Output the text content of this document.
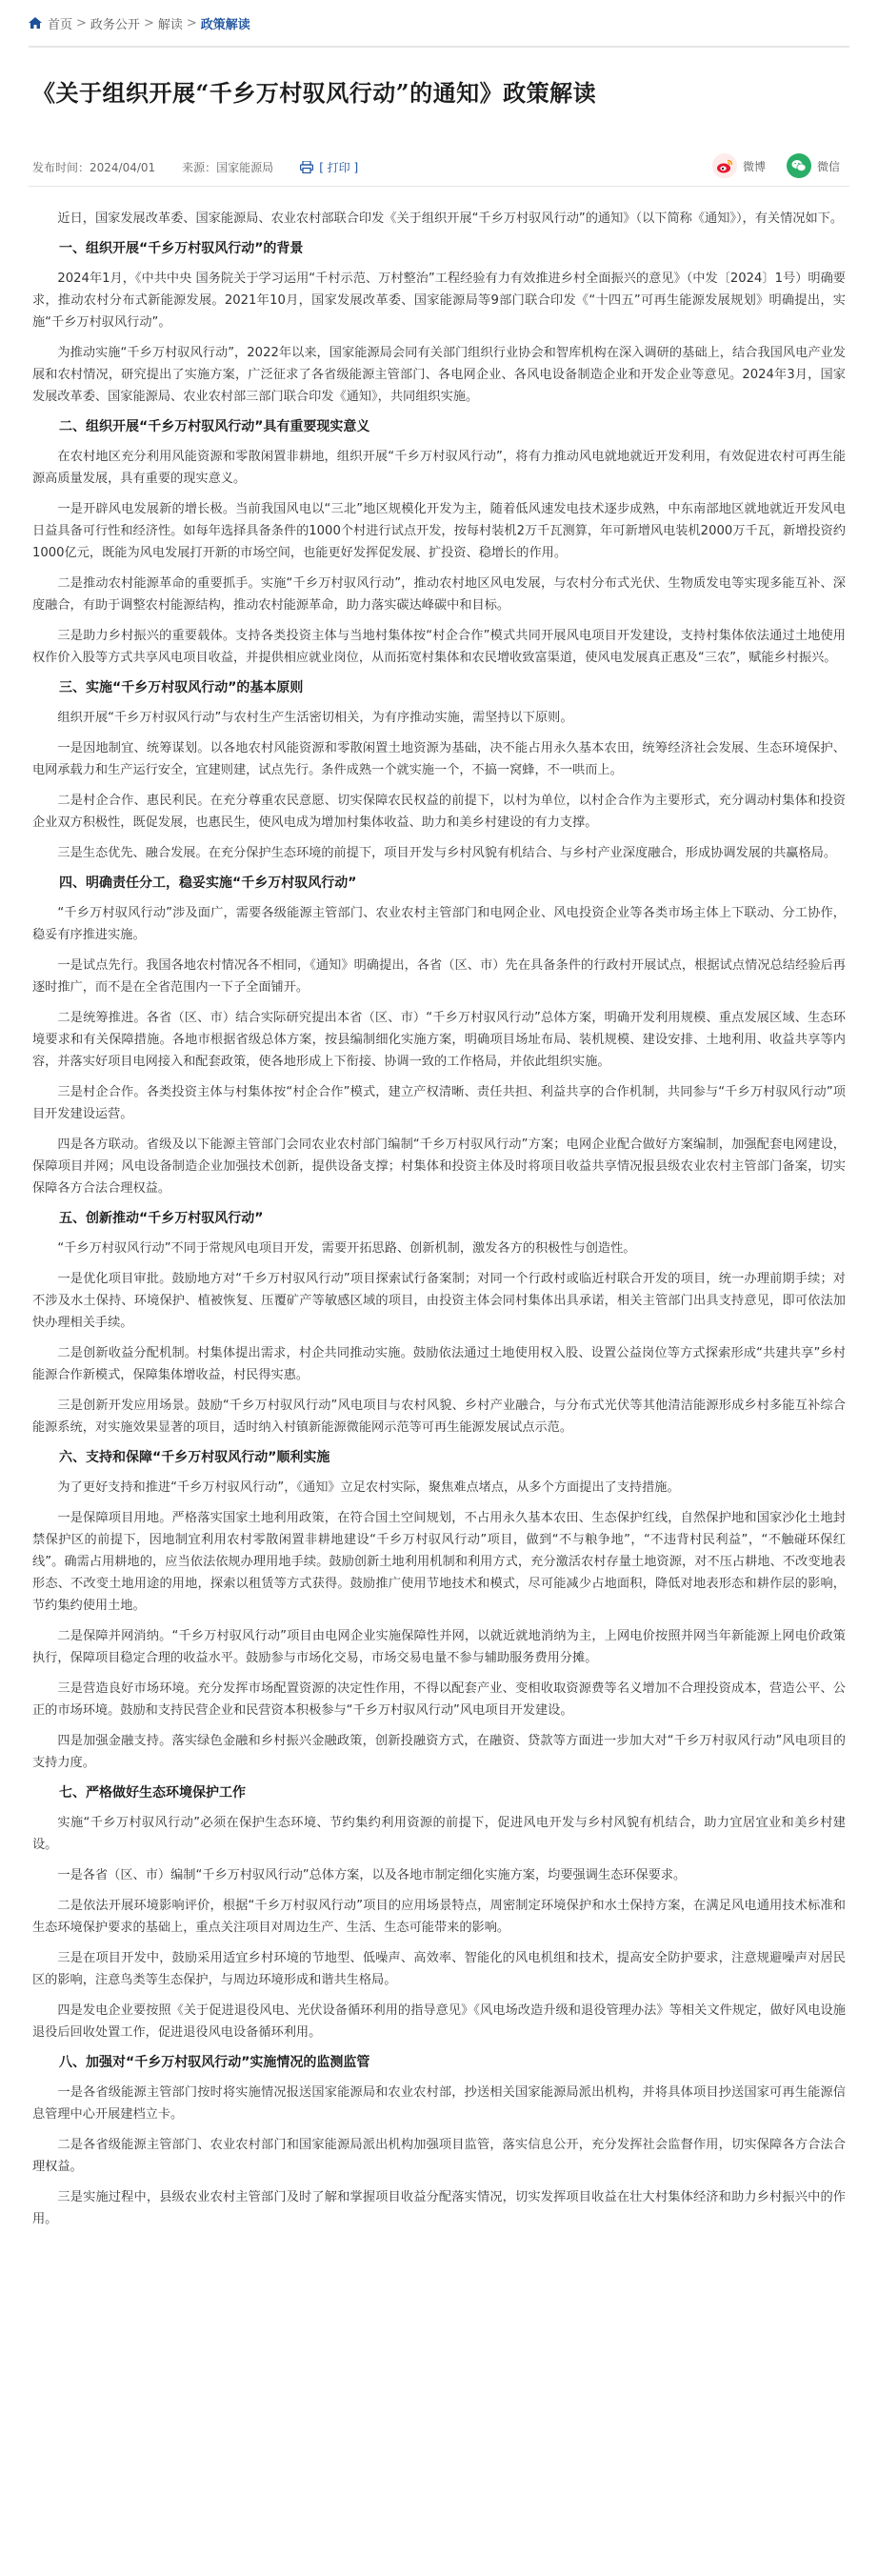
首页 > 政务公开 > 解读 > 政策解读
《关于组织开展“千乡万村驭风行动”的通知》政策解读
发布时间：2024/04/01 来源：国家能源局	[ 打印 ]	微博	微信

近日，国家发展改革委、国家能源局、农业农村部联合印发《关于组织开展“千乡万村驭风行动”的通知》（以下简称《通知》），有关情况如下。

一、组织开展“千乡万村驭风行动”的背景

2024年1月，《中共中央 国务院关于学习运用“千村示范、万村整治”工程经验有力有效推进乡村全面振兴的意见》（中发〔2024〕1号）明确要求，推动农村分布式新能源发展。2021年10月，国家发展改革委、国家能源局等9部门联合印发《“十四五”可再生能源发展规划》明确提出，实施“千乡万村驭风行动”。

为推动实施“千乡万村驭风行动”，2022年以来，国家能源局会同有关部门组织行业协会和智库机构在深入调研的基础上，结合我国风电产业发展和农村情况，研究提出了实施方案，广泛征求了各省级能源主管部门、各电网企业、各风电设备制造企业和开发企业等意见。2024年3月，国家发展改革委、国家能源局、农业农村部三部门联合印发《通知》，共同组织实施。

二、组织开展“千乡万村驭风行动”具有重要现实意义

在农村地区充分利用风能资源和零散闲置非耕地，组织开展“千乡万村驭风行动”，将有力推动风电就地就近开发利用，有效促进农村可再生能源高质量发展，具有重要的现实意义。

一是开辟风电发展新的增长极。当前我国风电以“三北”地区规模化开发为主，随着低风速发电技术逐步成熟，中东南部地区就地就近开发风电日益具备可行性和经济性。如每年选择具备条件的1000个村进行试点开发，按每村装机2万千瓦测算，年可新增风电装机2000万千瓦，新增投资约1000亿元，既能为风电发展打开新的市场空间，也能更好发挥促发展、扩投资、稳增长的作用。

二是推动农村能源革命的重要抓手。实施“千乡万村驭风行动”，推动农村地区风电发展，与农村分布式光伏、生物质发电等实现多能互补、深度融合，有助于调整农村能源结构，推动农村能源革命，助力落实碳达峰碳中和目标。

三是助力乡村振兴的重要载体。支持各类投资主体与当地村集体按“村企合作”模式共同开展风电项目开发建设，支持村集体依法通过土地使用权作价入股等方式共享风电项目收益，并提供相应就业岗位，从而拓宽村集体和农民增收致富渠道，使风电发展真正惠及“三农”，赋能乡村振兴。

三、实施“千乡万村驭风行动”的基本原则

组织开展“千乡万村驭风行动”与农村生产生活密切相关，为有序推动实施，需坚持以下原则。

一是因地制宜、统筹谋划。以各地农村风能资源和零散闲置土地资源为基础，决不能占用永久基本农田，统筹经济社会发展、生态环境保护、电网承载力和生产运行安全，宜建则建，试点先行。条件成熟一个就实施一个，不搞一窝蜂，不一哄而上。

二是村企合作、惠民利民。在充分尊重农民意愿、切实保障农民权益的前提下，以村为单位，以村企合作为主要形式，充分调动村集体和投资企业双方积极性，既促发展，也惠民生，使风电成为增加村集体收益、助力和美乡村建设的有力支撑。

三是生态优先、融合发展。在充分保护生态环境的前提下，项目开发与乡村风貌有机结合、与乡村产业深度融合，形成协调发展的共赢格局。

四、明确责任分工，稳妥实施“千乡万村驭风行动”

“千乡万村驭风行动”涉及面广，需要各级能源主管部门、农业农村主管部门和电网企业、风电投资企业等各类市场主体上下联动、分工协作，稳妥有序推进实施。

一是试点先行。我国各地农村情况各不相同，《通知》明确提出，各省（区、市）先在具备条件的行政村开展试点，根据试点情况总结经验后再逐时推广，而不是在全省范围内一下子全面铺开。

二是统筹推进。各省（区、市）结合实际研究提出本省（区、市）“千乡万村驭风行动”总体方案，明确开发利用规模、重点发展区域、生态环境要求和有关保障措施。各地市根据省级总体方案，按县编制细化实施方案，明确项目场址布局、装机规模、建设安排、土地利用、收益共享等内容，并落实好项目电网接入和配套政策，使各地形成上下衔接、协调一致的工作格局，并依此组织实施。

三是村企合作。各类投资主体与村集体按“村企合作”模式，建立产权清晰、责任共担、利益共享的合作机制，共同参与“千乡万村驭风行动”项目开发建设运营。

四是各方联动。省级及以下能源主管部门会同农业农村部门编制“千乡万村驭风行动”方案；电网企业配合做好方案编制，加强配套电网建设，保障项目并网；风电设备制造企业加强技术创新，提供设备支撑；村集体和投资主体及时将项目收益共享情况报县级农业农村主管部门备案，切实保障各方合法合理权益。

五、创新推动“千乡万村驭风行动”

“千乡万村驭风行动”不同于常规风电项目开发，需要开拓思路、创新机制，激发各方的积极性与创造性。

一是优化项目审批。鼓励地方对“千乡万村驭风行动”项目探索试行备案制；对同一个行政村或临近村联合开发的项目，统一办理前期手续；对不涉及水土保持、环境保护、植被恢复、压覆矿产等敏感区域的项目，由投资主体会同村集体出具承诺，相关主管部门出具支持意见，即可依法加快办理相关手续。

二是创新收益分配机制。村集体提出需求，村企共同推动实施。鼓励依法通过土地使用权入股、设置公益岗位等方式探索形成“共建共享”乡村能源合作新模式，保障集体增收益，村民得实惠。

三是创新开发应用场景。鼓励“千乡万村驭风行动”风电项目与农村风貌、乡村产业融合，与分布式光伏等其他清洁能源形成乡村多能互补综合能源系统，对实施效果显著的项目，适时纳入村镇新能源微能网示范等可再生能源发展试点示范。

六、支持和保障“千乡万村驭风行动”顺利实施

为了更好支持和推进“千乡万村驭风行动”，《通知》立足农村实际，聚焦难点堵点，从多个方面提出了支持措施。

一是保障项目用地。严格落实国家土地利用政策，在符合国土空间规划，不占用永久基本农田、生态保护红线，自然保护地和国家沙化土地封禁保护区的前提下，因地制宜利用农村零散闲置非耕地建设“千乡万村驭风行动”项目，做到“不与粮争地”，“不违背村民利益”，“不触碰环保红线”。确需占用耕地的，应当依法依规办理用地手续。鼓励创新土地利用机制和利用方式，充分激活农村存量土地资源，对不压占耕地、不改变地表形态、不改变土地用途的用地，探索以租赁等方式获得。鼓励推广使用节地技术和模式，尽可能减少占地面积，降低对地表形态和耕作层的影响，节约集约使用土地。

二是保障并网消纳。“千乡万村驭风行动”项目由电网企业实施保障性并网，以就近就地消纳为主，上网电价按照并网当年新能源上网电价政策执行，保障项目稳定合理的收益水平。鼓励参与市场化交易，市场交易电量不参与辅助服务费用分摊。

三是营造良好市场环境。充分发挥市场配置资源的决定性作用，不得以配套产业、变相收取资源费等名义增加不合理投资成本，营造公平、公正的市场环境。鼓励和支持民营企业和民营资本积极参与“千乡万村驭风行动”风电项目开发建设。

四是加强金融支持。落实绿色金融和乡村振兴金融政策，创新投融资方式，在融资、贷款等方面进一步加大对“千乡万村驭风行动”风电项目的支持力度。

七、严格做好生态环境保护工作

实施“千乡万村驭风行动”必须在保护生态环境、节约集约利用资源的前提下，促进风电开发与乡村风貌有机结合，助力宜居宜业和美乡村建设。

一是各省（区、市）编制“千乡万村驭风行动”总体方案，以及各地市制定细化实施方案，均要强调生态环保要求。

二是依法开展环境影响评价，根据“千乡万村驭风行动”项目的应用场景特点，周密制定环境保护和水土保持方案，在满足风电通用技术标准和生态环境保护要求的基础上，重点关注项目对周边生产、生活、生态可能带来的影响。

三是在项目开发中，鼓励采用适宜乡村环境的节地型、低噪声、高效率、智能化的风电机组和技术，提高安全防护要求，注意规避噪声对居民区的影响，注意鸟类等生态保护，与周边环境形成和谐共生格局。

四是发电企业要按照《关于促进退役风电、光伏设备循环利用的指导意见》《风电场改造升级和退役管理办法》等相关文件规定，做好风电设施退役后回收处置工作，促进退役风电设备循环利用。

八、加强对“千乡万村驭风行动”实施情况的监测监管

一是各省级能源主管部门按时将实施情况报送国家能源局和农业农村部，抄送相关国家能源局派出机构，并将具体项目抄送国家可再生能源信息管理中心开展建档立卡。

二是各省级能源主管部门、农业农村部门和国家能源局派出机构加强项目监管，落实信息公开，充分发挥社会监督作用，切实保障各方合法合理权益。

三是实施过程中，县级农业农村主管部门及时了解和掌握项目收益分配落实情况，切实发挥项目收益在壮大村集体经济和助力乡村振兴中的作用。
